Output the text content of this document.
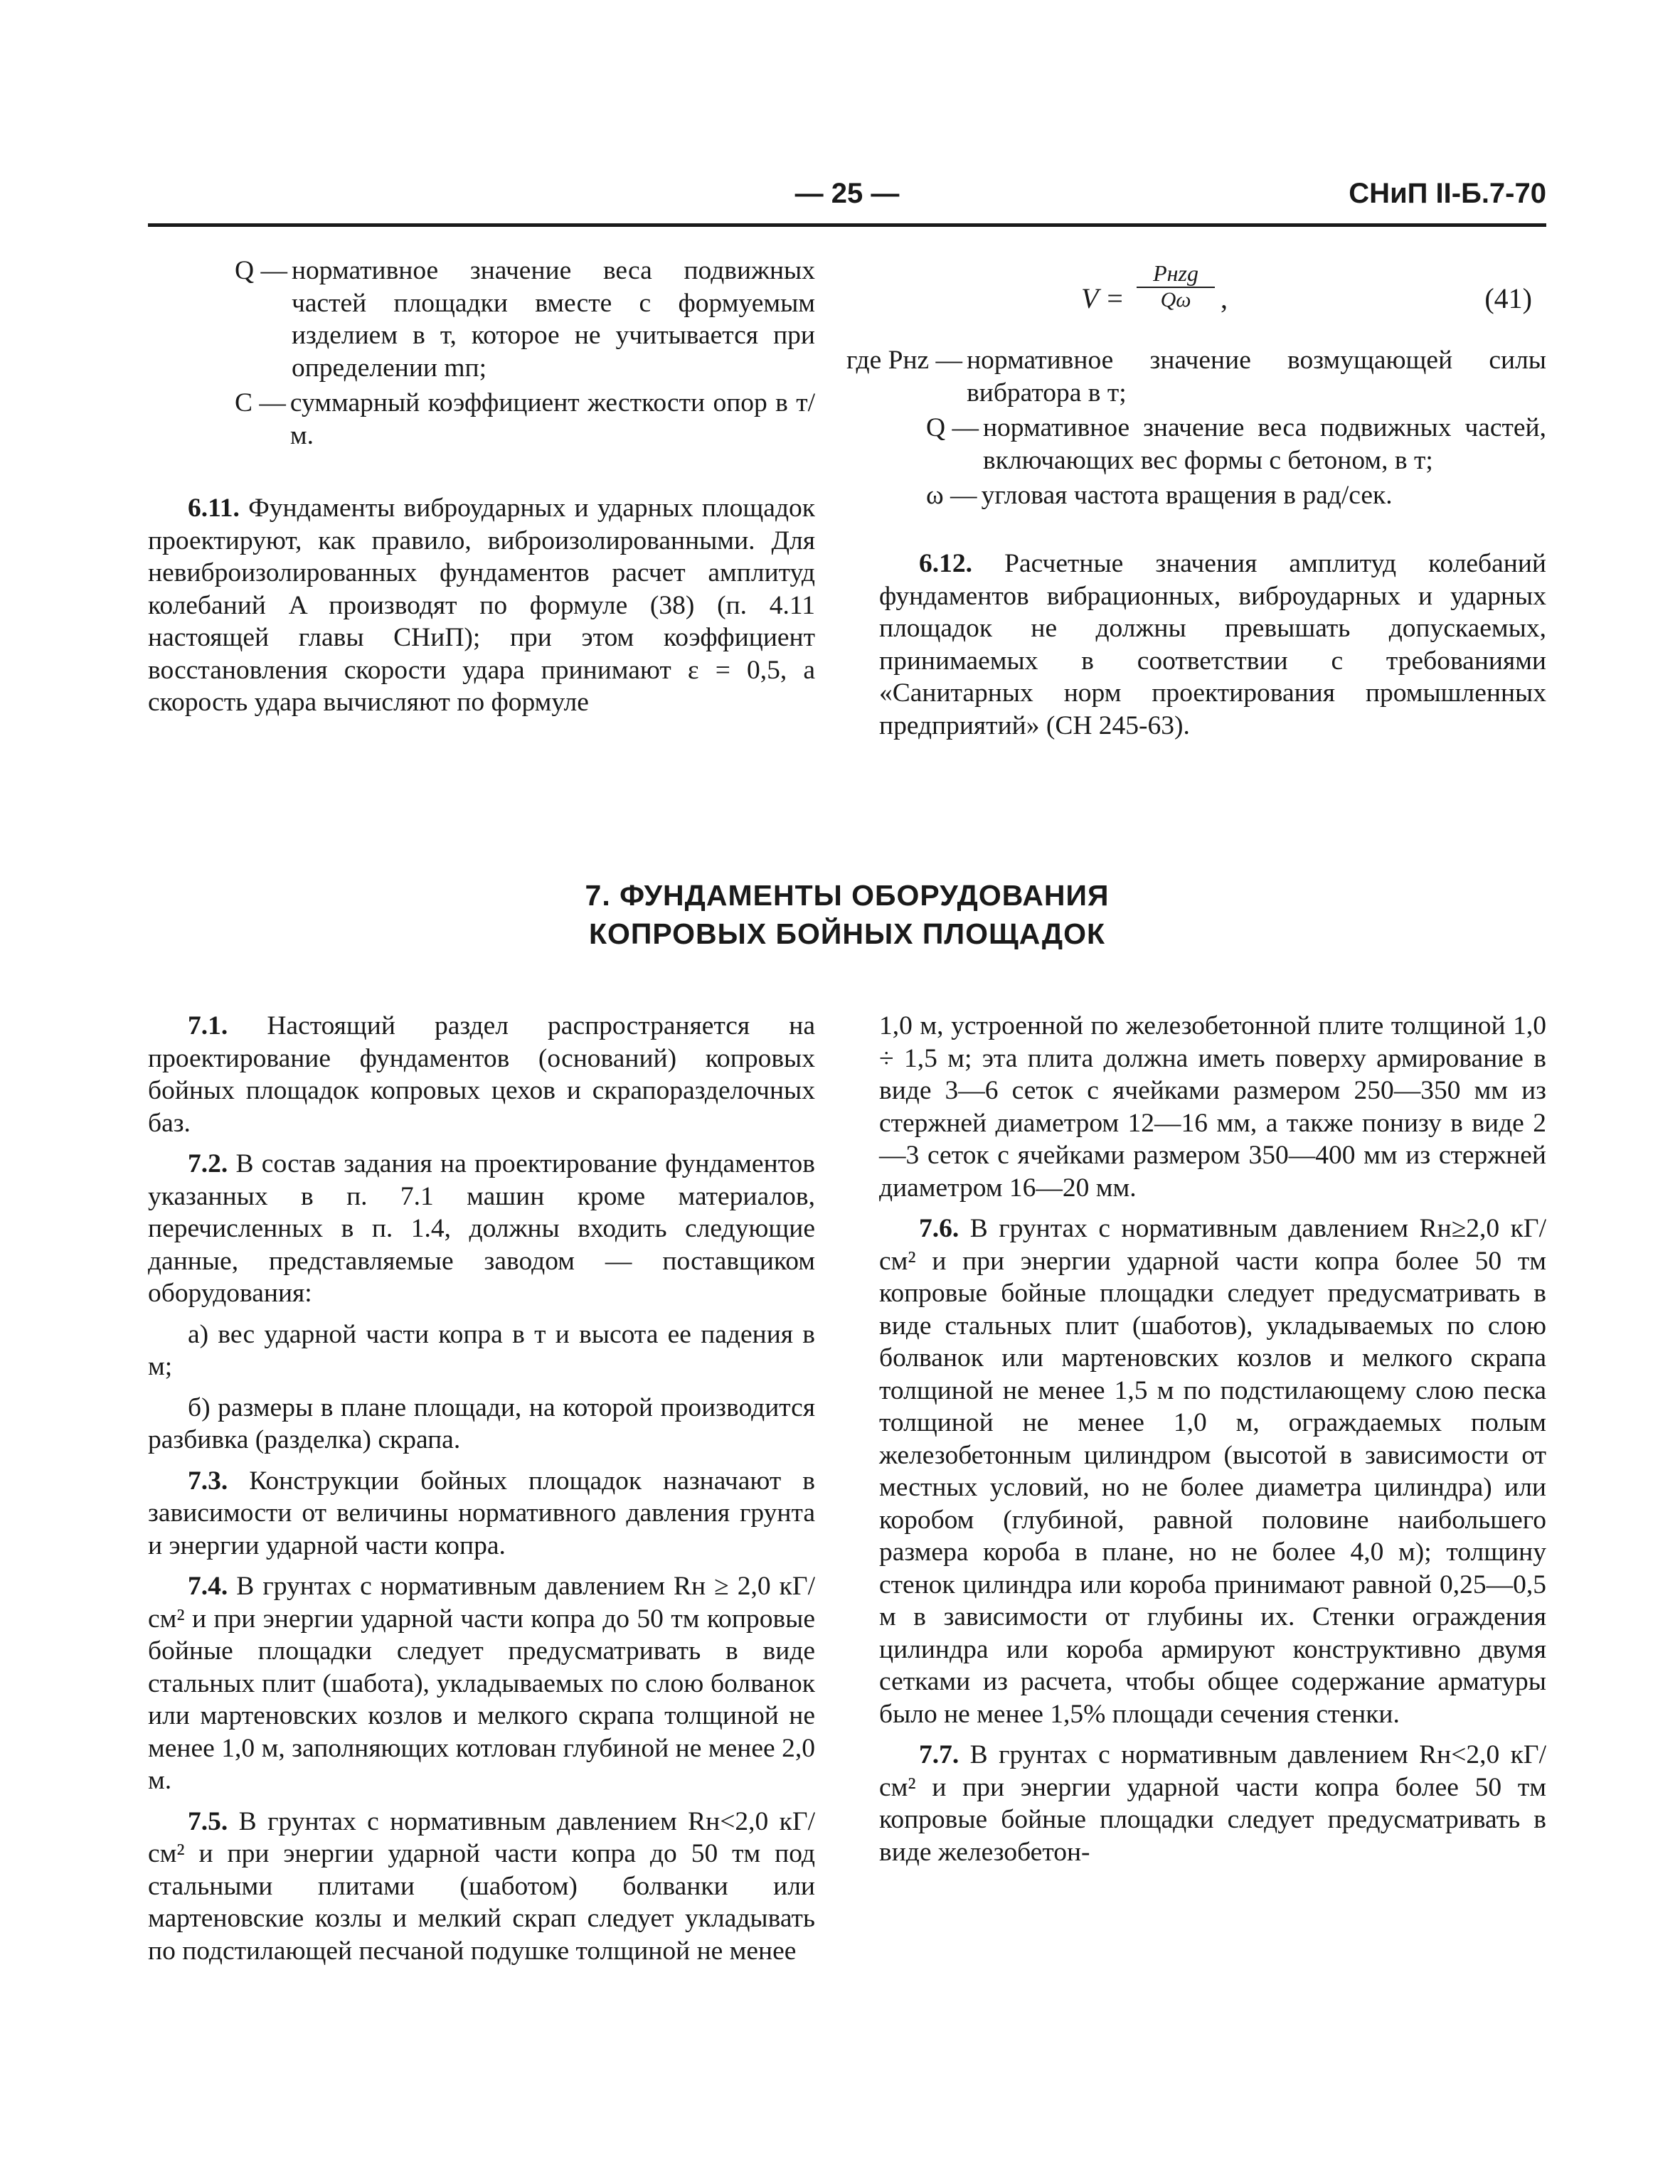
— 25 —	СНиП II-Б.7-70
Q — нормативное значение веса подвижных частей площадки вместе с формуемым изделием в т, которое не учитывается при определении mп;
C — суммарный коэффициент жесткости опор в т/м.

6.11. Фундаменты виброударных и ударных площадок проектируют, как правило, виброизолированными. Для невиброизолированных фундаментов расчет амплитуд колебаний A производят по формуле (38) (п. 4.11 настоящей главы СНиП); при этом коэффициент восстановления скорости удара принимают ε = 0,5, а скорость удара вычисляют по формуле

V =
Pнzg
Qω	,	(41)
где Pнz — нормативное значение возмущающей силы вибратора в т;
Q — нормативное значение веса подвижных частей, включающих вес формы с бетоном, в т;
ω — угловая частота вращения в рад/сек.

6.12. Расчетные значения амплитуд колебаний фундаментов вибрационных, виброударных и ударных площадок не должны превышать допускаемых, принимаемых в соответствии с требованиями «Санитарных норм проектирования промышленных предприятий» (СН 245-63).

7. ФУНДАМЕНТЫ ОБОРУДОВАНИЯ
КОПРОВЫХ БОЙНЫХ ПЛОЩАДОК

7.1. Настоящий раздел распространяется на проектирование фундаментов (оснований) копровых бойных площадок копровых цехов и скрапоразделочных баз.

7.2. В состав задания на проектирование фундаментов указанных в п. 7.1 машин кроме материалов, перечисленных в п. 1.4, должны входить следующие данные, представляемые заводом — поставщиком оборудования:

а) вес ударной части копра в т и высота ее падения в м;

б) размеры в плане площади, на которой производится разбивка (разделка) скрапа.

7.3. Конструкции бойных площадок назначают в зависимости от величины нормативного давления грунта и энергии ударной части копра.

7.4. В грунтах с нормативным давлением Rн ≥ 2,0 кГ/см² и при энергии ударной части копра до 50 тм копровые бойные площадки следует предусматривать в виде стальных плит (шабота), укладываемых по слою болванок или мартеновских козлов и мелкого скрапа толщиной не менее 1,0 м, заполняющих котлован глубиной не менее 2,0 м.

7.5. В грунтах с нормативным давлением Rн<2,0 кГ/см² и при энергии ударной части копра до 50 тм под стальными плитами (шаботом) болванки или мартеновские козлы и мелкий скрап следует укладывать по подстилающей песчаной подушке толщиной не менее

1,0 м, устроенной по железобетонной плите толщиной 1,0 ÷ 1,5 м; эта плита должна иметь поверху армирование в виде 3—6 сеток с ячейками размером 250—350 мм из стержней диаметром 12—16 мм, а также понизу в виде 2—3 сеток с ячейками размером 350—400 мм из стержней диаметром 16—20 мм.

7.6. В грунтах с нормативным давлением Rн≥2,0 кГ/см² и при энергии ударной части копра более 50 тм копровые бойные площадки следует предусматривать в виде стальных плит (шаботов), укладываемых по слою болванок или мартеновских козлов и мелкого скрапа толщиной не менее 1,5 м по подстилающему слою песка толщиной не менее 1,0 м, ограждаемых полым железобетонным цилиндром (высотой в зависимости от местных условий, но не более диаметра цилиндра) или коробом (глубиной, равной половине наибольшего размера короба в плане, но не более 4,0 м); толщину стенок цилиндра или короба принимают равной 0,25—0,5 м в зависимости от глубины их. Стенки ограждения цилиндра или короба армируют конструктивно двумя сетками из расчета, чтобы общее содержание арматуры было не менее 1,5% площади сечения стенки.

7.7. В грунтах с нормативным давлением Rн<2,0 кГ/см² и при энергии ударной части копра более 50 тм копровые бойные площадки следует предусматривать в виде железобетон-
